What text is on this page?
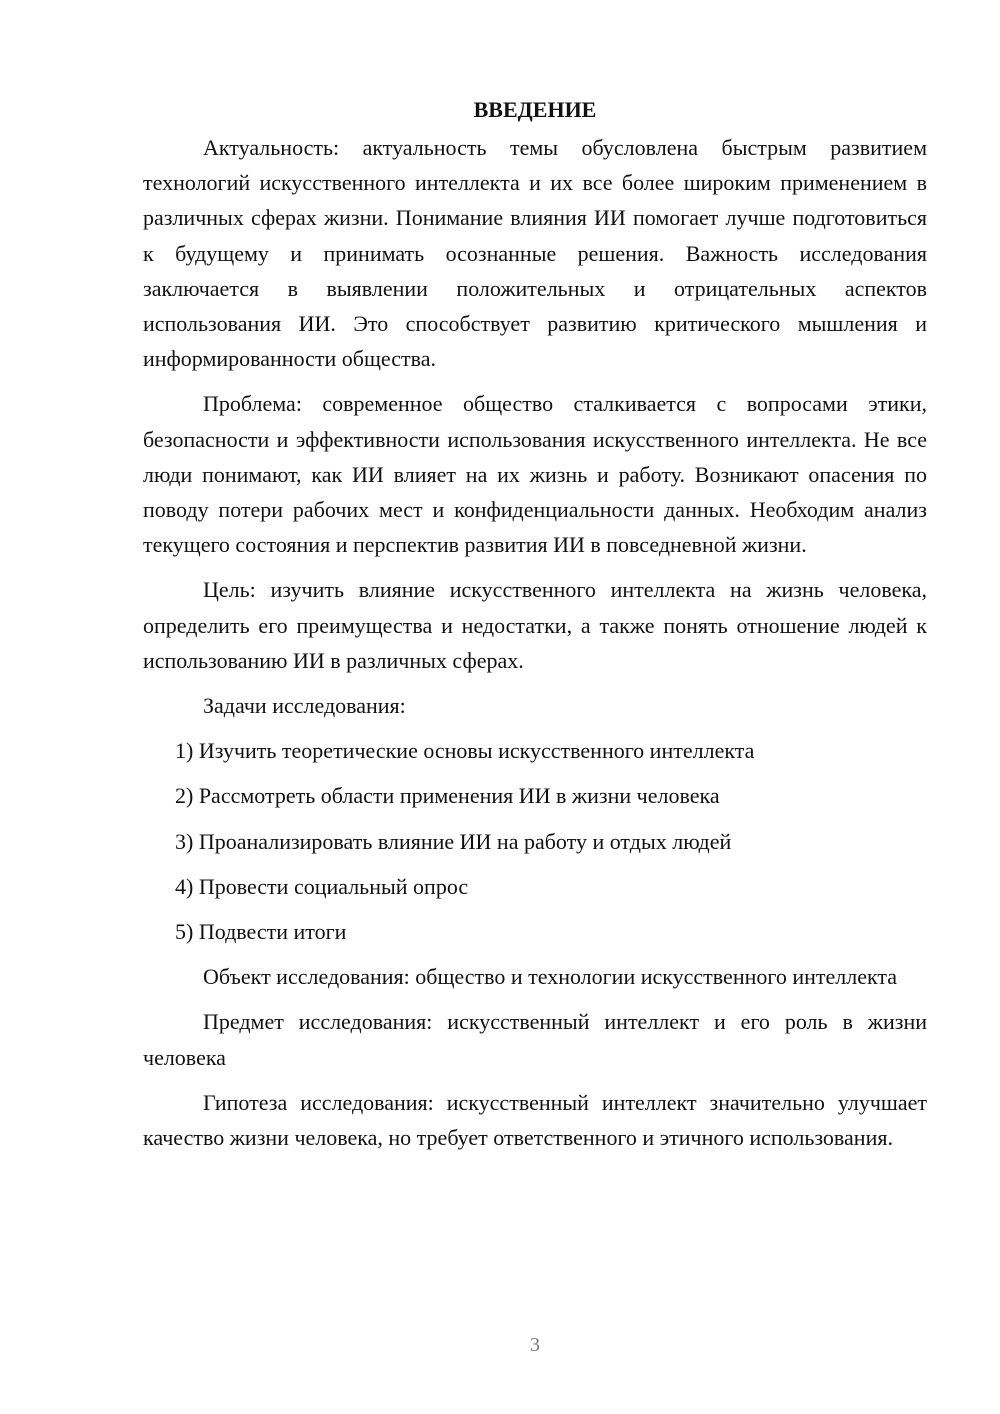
ВВЕДЕНИЕ

Актуальность: актуальность темы обусловлена быстрым развитием технологий искусственного интеллекта и их все более широким применением в различных сферах жизни. Понимание влияния ИИ помогает лучше подготовиться к будущему и принимать осознанные решения. Важность исследования заключается в выявлении положительных и отрицательных аспектов использования ИИ. Это способствует развитию критического мышления и информированности общества.

Проблема: современное общество сталкивается с вопросами этики, безопасности и эффективности использования искусственного интеллекта. Не все люди понимают, как ИИ влияет на их жизнь и работу. Возникают опасения по поводу потери рабочих мест и конфиденциальности данных. Необходим анализ текущего состояния и перспектив развития ИИ в повседневной жизни.

Цель: изучить влияние искусственного интеллекта на жизнь человека, определить его преимущества и недостатки, а также понять отношение людей к использованию ИИ в различных сферах.

Задачи исследования:

1) Изучить теоретические основы искусственного интеллекта

2) Рассмотреть области применения ИИ в жизни человека

3) Проанализировать влияние ИИ на работу и отдых людей

4) Провести социальный опрос

5) Подвести итоги

Объект исследования: общество и технологии искусственного интеллекта

Предмет исследования: искусственный интеллект и его роль в жизни человека

Гипотеза исследования: искусственный интеллект значительно улучшает качество жизни человека, но требует ответственного и этичного использования.

3
